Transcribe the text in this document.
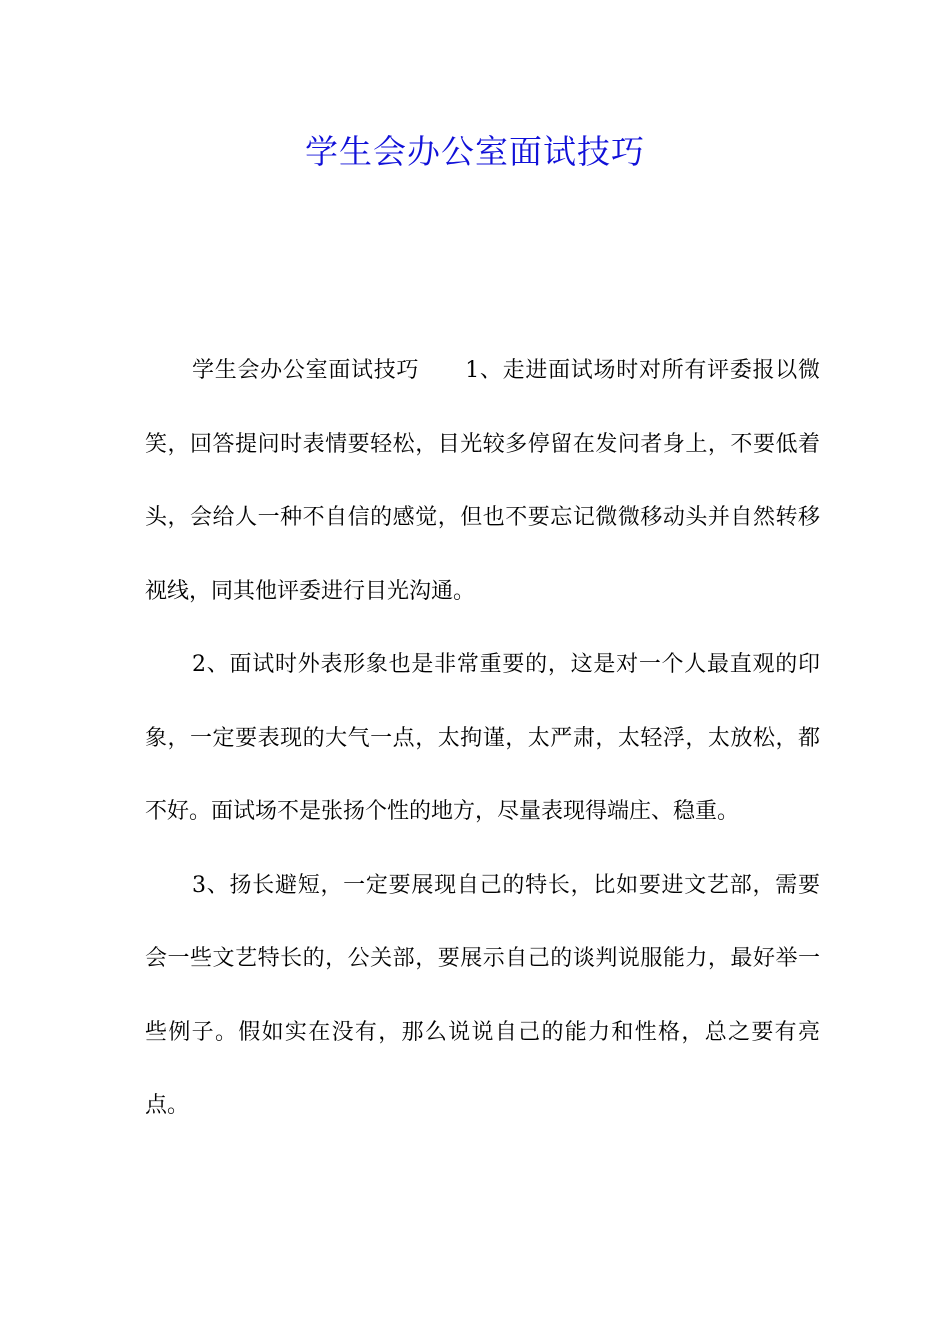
学生会办公室面试技巧

学生会办公室面试技巧 1、走进面试场时对所有评委报以微笑，回答提问时表情要轻松，目光较多停留在发问者身上，不要低着头，会给人一种不自信的感觉，但也不要忘记微微移动头并自然转移视线，同其他评委进行目光沟通。

2、面试时外表形象也是非常重要的，这是对一个人最直观的印象，一定要表现的大气一点，太拘谨，太严肃，太轻浮，太放松，都不好。面试场不是张扬个性的地方，尽量表现得端庄、稳重。

3、扬长避短，一定要展现自己的特长，比如要进文艺部，需要会一些文艺特长的，公关部，要展示自己的谈判说服能力，最好举一些例子。假如实在没有，那么说说自己的能力和性格，总之要有亮点。
